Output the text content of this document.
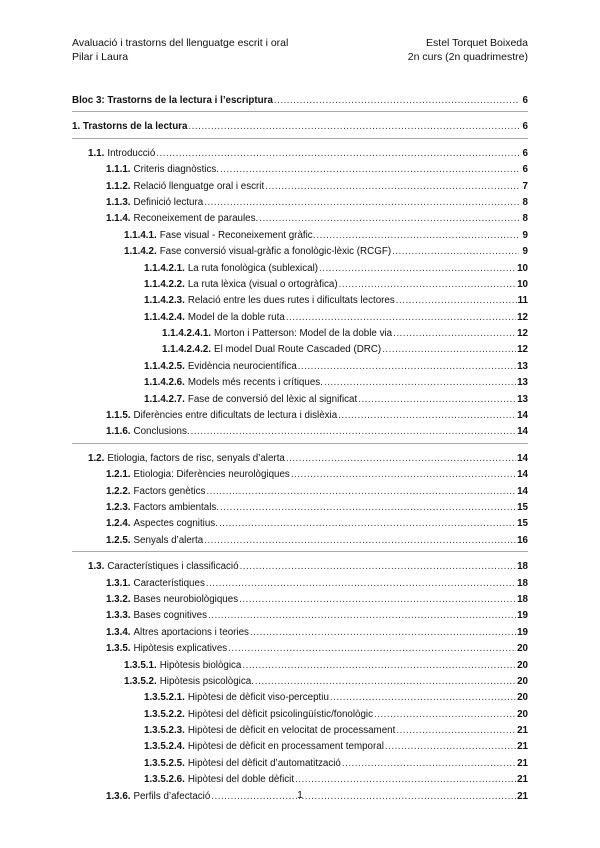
Avaluació i trastorns del llenguatge escrit i oral	Estel Torquet Boixeda
Pilar i Laura	2n curs (2n quadrimestre)
Bloc 3: Trastorns de la lectura i l’escriptura .....	6
1. Trastorns de la lectura .....	6
1.1. Introducció .....	6
1.1.1. Criteris diagnòstics. .....	6
1.1.2. Relació llenguatge oral i escrit .....	7
1.1.3. Definició lectura .....	8
1.1.4. Reconeixement de paraules. .....	8
1.1.4.1. Fase visual - Reconeixement gràfic. .....	9
1.1.4.2. Fase conversió visual-gràfic a fonològic-lèxic (RCGF) .....	9
1.1.4.2.1. La ruta fonològica (sublexical) .....	10
1.1.4.2.2. La ruta lèxica (visual o ortogràfica) .....	10
1.1.4.2.3. Relació entre les dues rutes i dificultats lectores .....	11
1.1.4.2.4. Model de la doble ruta .....	12
1.1.4.2.4.1. Morton i Patterson: Model de la doble via .....	12
1.1.4.2.4.2. El model Dual Route Cascaded (DRC) .....	12
1.1.4.2.5. Evidència neurocientífica .....	13
1.1.4.2.6. Models més recents i crítiques. .....	13
1.1.4.2.7. Fase de conversió del lèxic al significat .....	13
1.1.5. Diferències entre dificultats de lectura i dislèxia .....	14
1.1.6. Conclusions. .....	14
1.2. Etiologia, factors de risc, senyals d’alerta .....	14
1.2.1. Etiologia: Diferències neurològiques .....	14
1.2.2. Factors genètics .....	14
1.2.3. Factors ambientals. .....	15
1.2.4. Aspectes cognitius. .....	15
1.2.5. Senyals d’alerta .....	16
1.3. Característiques i classificació .....	18
1.3.1. Característiques .....	18
1.3.2. Bases neurobiològiques .....	18
1.3.3. Bases cognitives .....	19
1.3.4. Altres aportacions i teories .....	19
1.3.5. Hipòtesis explicatives .....	20
1.3.5.1. Hipòtesis biològica .....	20
1.3.5.2. Hipòtesis psicològica. .....	20
1.3.5.2.1. Hipòtesi de dèficit viso-perceptiu .....	20
1.3.5.2.2. Hipòtesi del dèficit psicolingüístic/fonològic .....	20
1.3.5.2.3. Hipòtesi de dèficit en velocitat de processament .....	21
1.3.5.2.4. Hipòtesi de dèficit en processament temporal .....	21
1.3.5.2.5. Hipòtesi del dèficit d’automatització .....	21
1.3.5.2.6. Hipòtesi del doble dèficit .....	21
1.3.6. Perfils d’afectació .....	21
1
